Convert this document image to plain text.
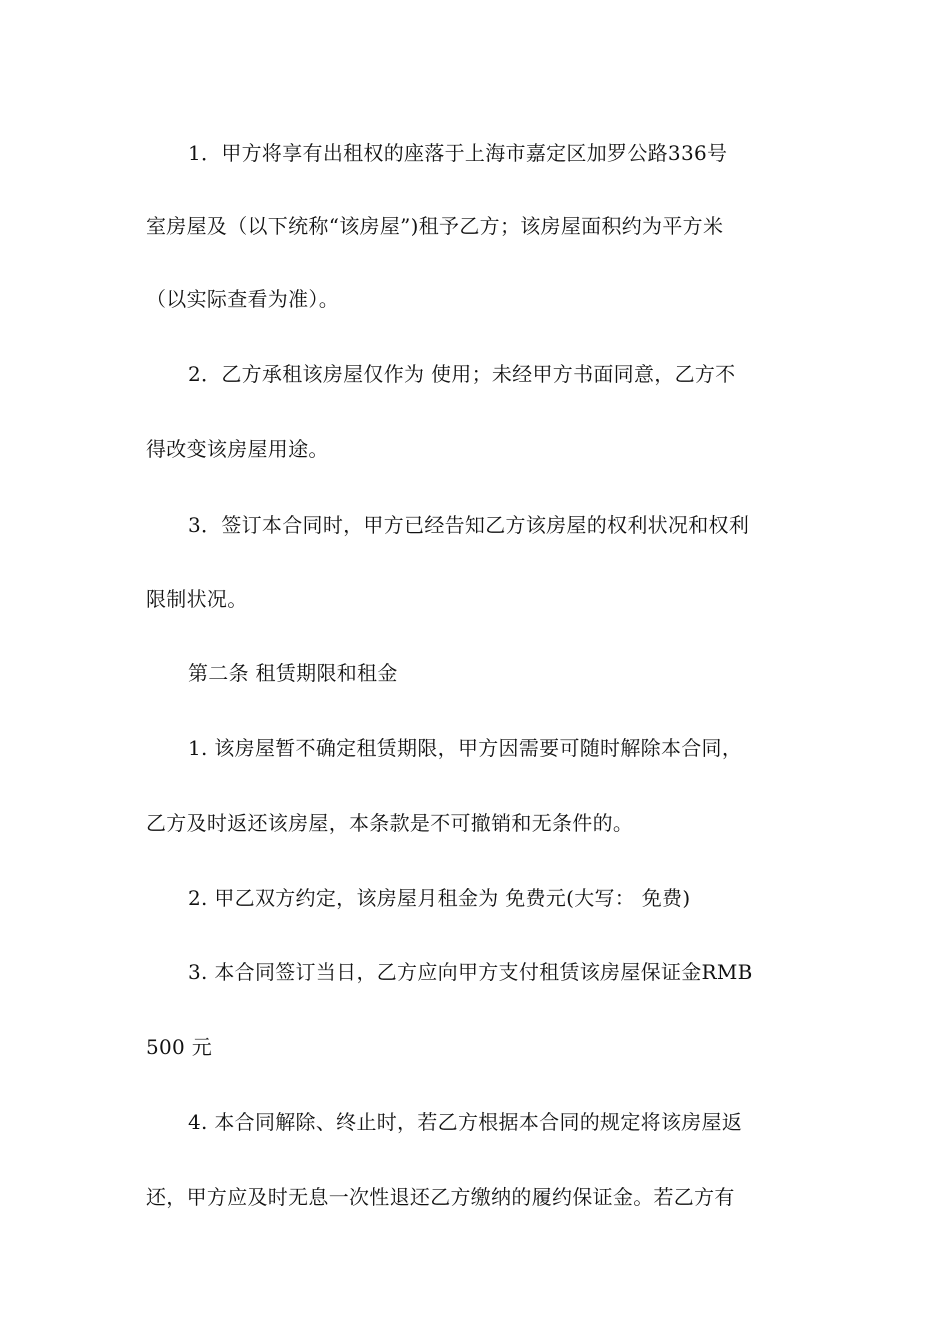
1．甲方将享有出租权的座落于上海市嘉定区加罗公路336号
室房屋及（以下统称“该房屋”)租予乙方；该房屋面积约为平方米
（以实际查看为准）。
2．乙方承租该房屋仅作为 使用；未经甲方书面同意，乙方不
得改变该房屋用途。
3．签订本合同时，甲方已经告知乙方该房屋的权利状况和权利
限制状况。
第二条 租赁期限和租金
1. 该房屋暂不确定租赁期限，甲方因需要可随时解除本合同，
乙方及时返还该房屋，本条款是不可撤销和无条件的。
2. 甲乙双方约定，该房屋月租金为 免费元(大写： 免费)
3. 本合同签订当日，乙方应向甲方支付租赁该房屋保证金RMB
500 元
4. 本合同解除、终止时，若乙方根据本合同的规定将该房屋返
还，甲方应及时无息一次性退还乙方缴纳的履约保证金。若乙方有
